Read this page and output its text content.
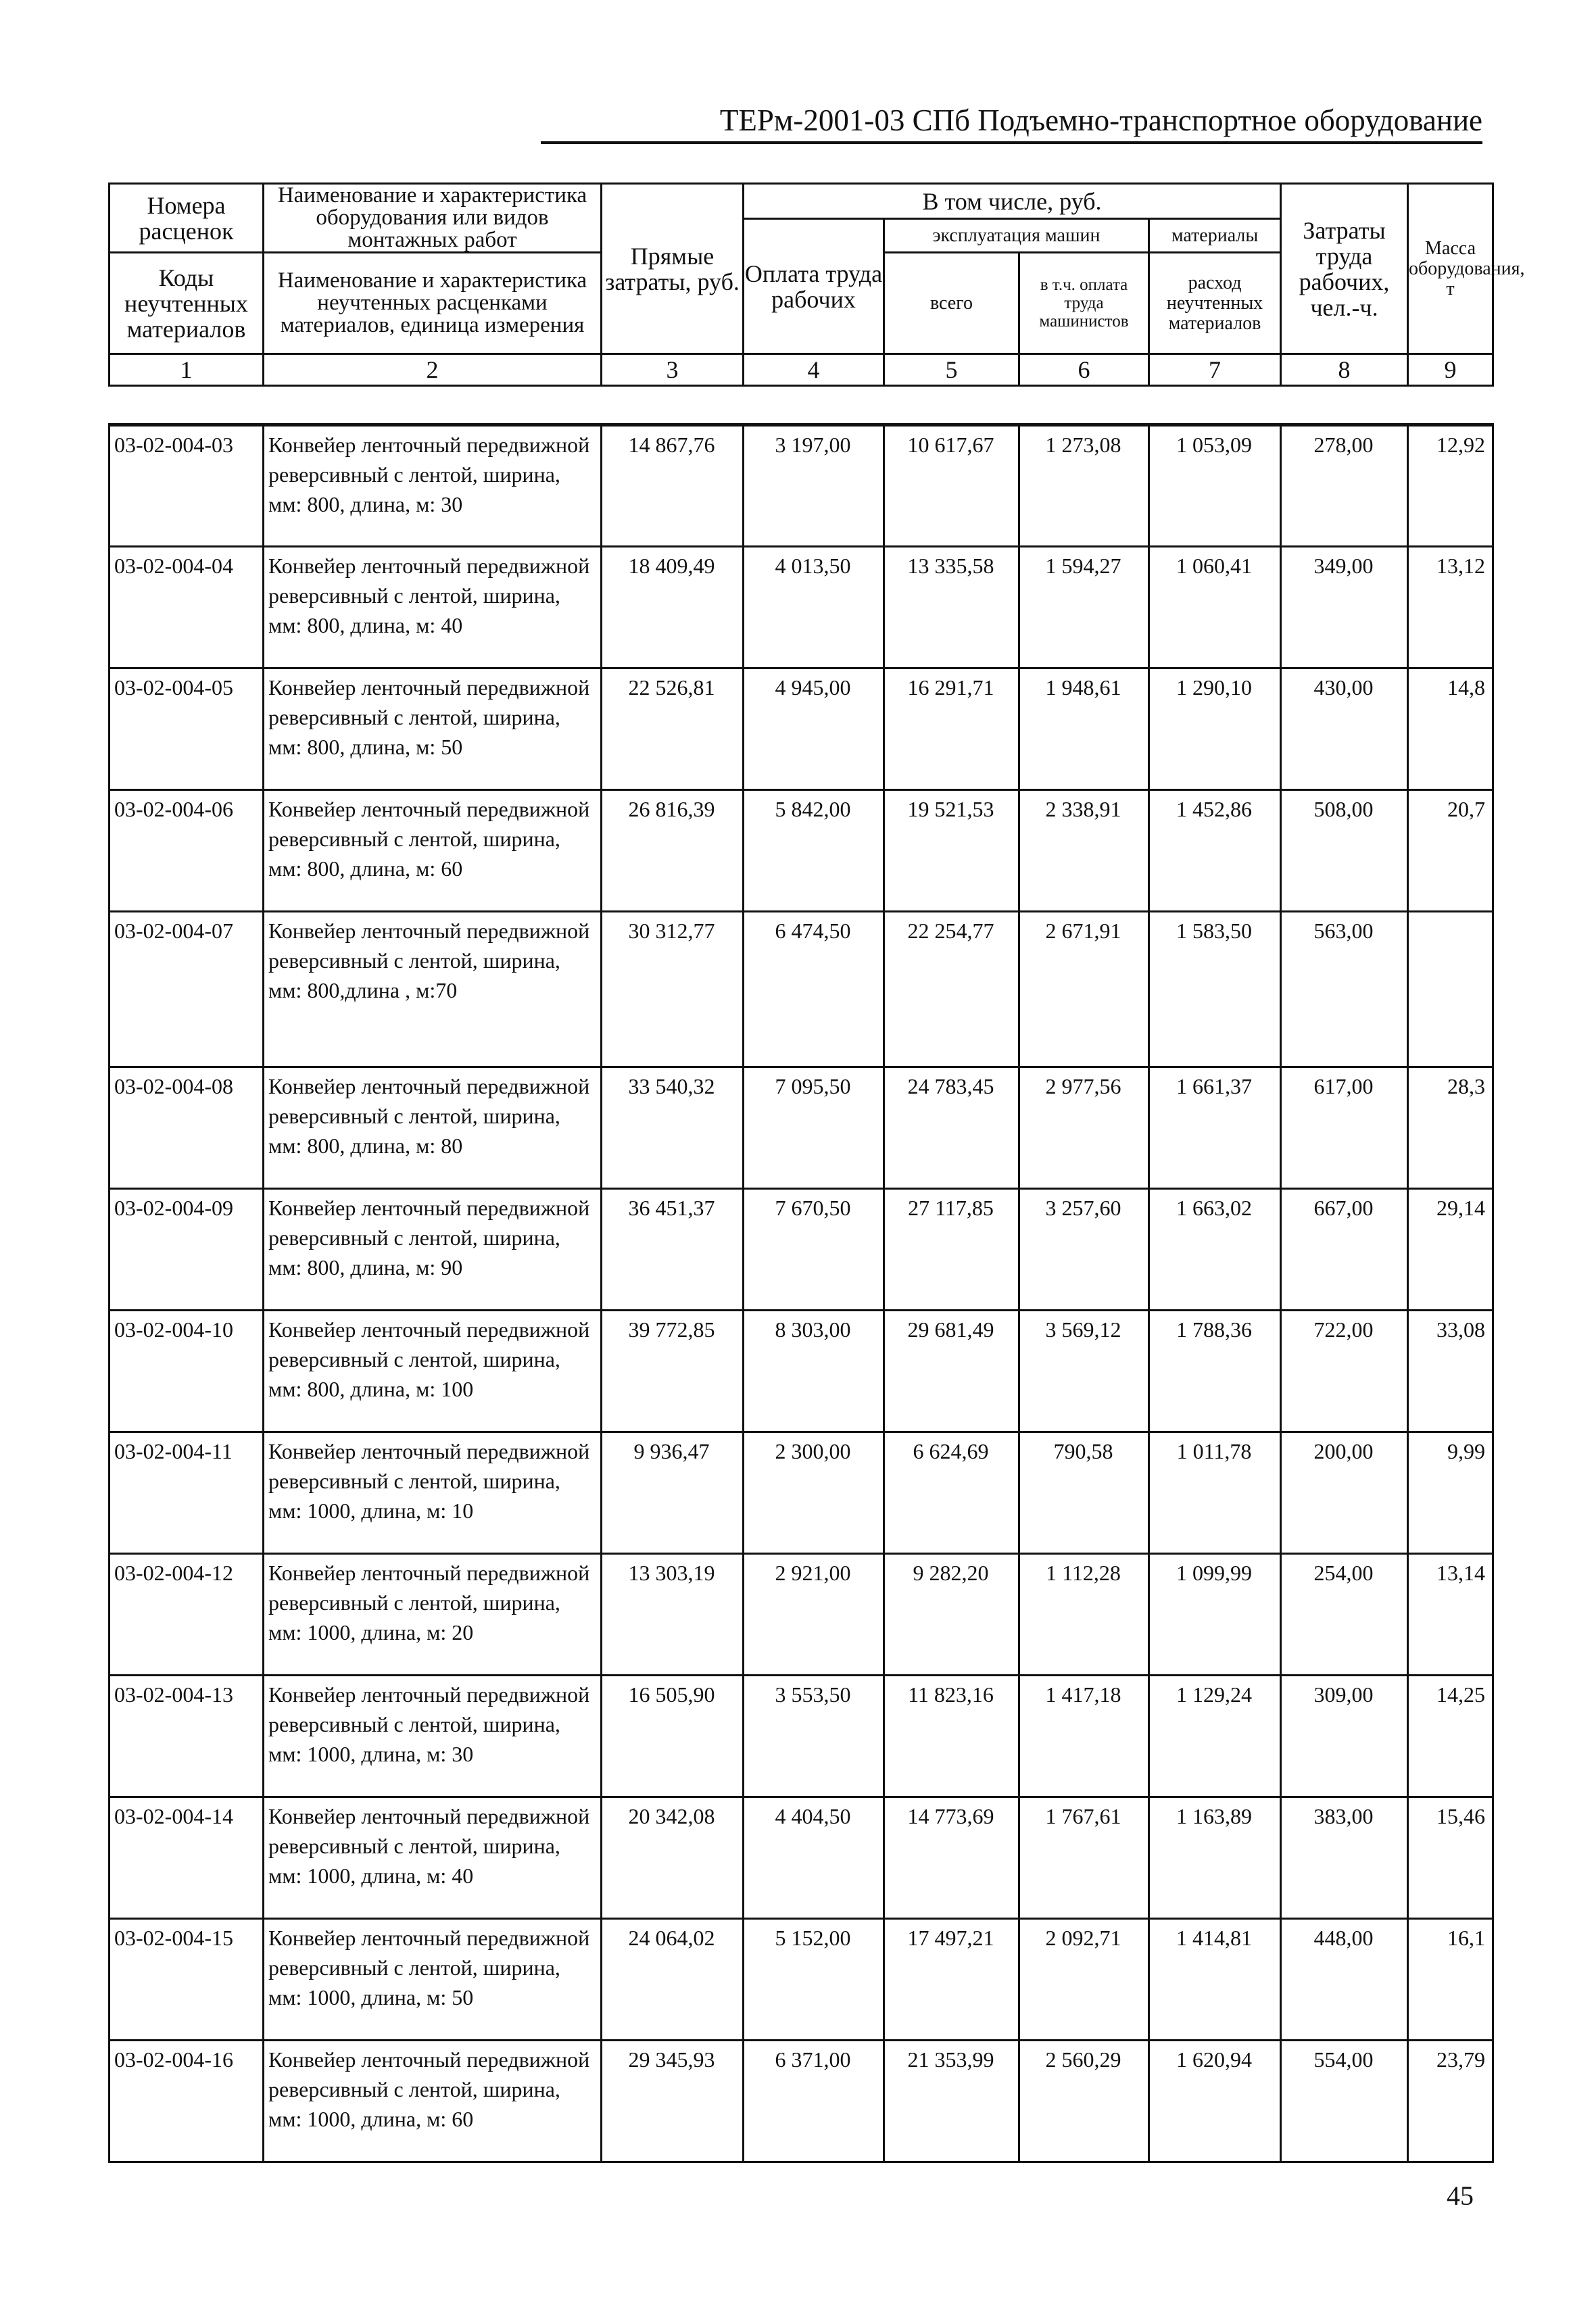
ТЕРм-2001-03 СПб Подъемно-транспортное оборудование
Номера расценок	Наименование и характеристика оборудования или видов монтажных работ	Прямые затраты, руб.	В том числе, руб.				Затраты труда рабочих, чел.-ч.	Масса оборудования, т
			Оплата труда рабочих	эксплуатация машин		материалы		
Коды неучтенных материалов	Наименование и характеристика неучтенных расценками материалов, единица измерения			всего	в т.ч. оплата труда машинистов	расход неучтенных материалов		

1	2	3	4	5	6	7	8	9
03-02-004-03	Конвейер ленточный передвижной реверсивный с лентой, ширина, мм: 800, длина, м: 30	14 867,76	3 197,00	10 617,67	1 273,08	1 053,09	278,00	12,92
03-02-004-04	Конвейер ленточный передвижной реверсивный с лентой, ширина, мм: 800, длина, м: 40	18 409,49	4 013,50	13 335,58	1 594,27	1 060,41	349,00	13,12
03-02-004-05	Конвейер ленточный передвижной реверсивный с лентой, ширина, мм: 800, длина, м: 50	22 526,81	4 945,00	16 291,71	1 948,61	1 290,10	430,00	14,8
03-02-004-06	Конвейер ленточный передвижной реверсивный с лентой, ширина, мм: 800, длина, м: 60	26 816,39	5 842,00	19 521,53	2 338,91	1 452,86	508,00	20,7
03-02-004-07	Конвейер ленточный передвижной реверсивный с лентой, ширина, мм: 800,длина , м:70	30 312,77	6 474,50	22 254,77	2 671,91	1 583,50	563,00	
03-02-004-08	Конвейер ленточный передвижной реверсивный с лентой, ширина, мм: 800, длина, м: 80	33 540,32	7 095,50	24 783,45	2 977,56	1 661,37	617,00	28,3
03-02-004-09	Конвейер ленточный передвижной реверсивный с лентой, ширина, мм: 800, длина, м: 90	36 451,37	7 670,50	27 117,85	3 257,60	1 663,02	667,00	29,14
03-02-004-10	Конвейер ленточный передвижной реверсивный с лентой, ширина, мм: 800, длина, м: 100	39 772,85	8 303,00	29 681,49	3 569,12	1 788,36	722,00	33,08
03-02-004-11	Конвейер ленточный передвижной реверсивный с лентой, ширина, мм: 1000, длина, м: 10	9 936,47	2 300,00	6 624,69	790,58	1 011,78	200,00	9,99
03-02-004-12	Конвейер ленточный передвижной реверсивный с лентой, ширина, мм: 1000, длина, м: 20	13 303,19	2 921,00	9 282,20	1 112,28	1 099,99	254,00	13,14
03-02-004-13	Конвейер ленточный передвижной реверсивный с лентой, ширина, мм: 1000, длина, м: 30	16 505,90	3 553,50	11 823,16	1 417,18	1 129,24	309,00	14,25
03-02-004-14	Конвейер ленточный передвижной реверсивный с лентой, ширина, мм: 1000, длина, м: 40	20 342,08	4 404,50	14 773,69	1 767,61	1 163,89	383,00	15,46
03-02-004-15	Конвейер ленточный передвижной реверсивный с лентой, ширина, мм: 1000, длина, м: 50	24 064,02	5 152,00	17 497,21	2 092,71	1 414,81	448,00	16,1
03-02-004-16	Конвейер ленточный передвижной реверсивный с лентой, ширина, мм: 1000, длина, м: 60	29 345,93	6 371,00	21 353,99	2 560,29	1 620,94	554,00	23,79
45
